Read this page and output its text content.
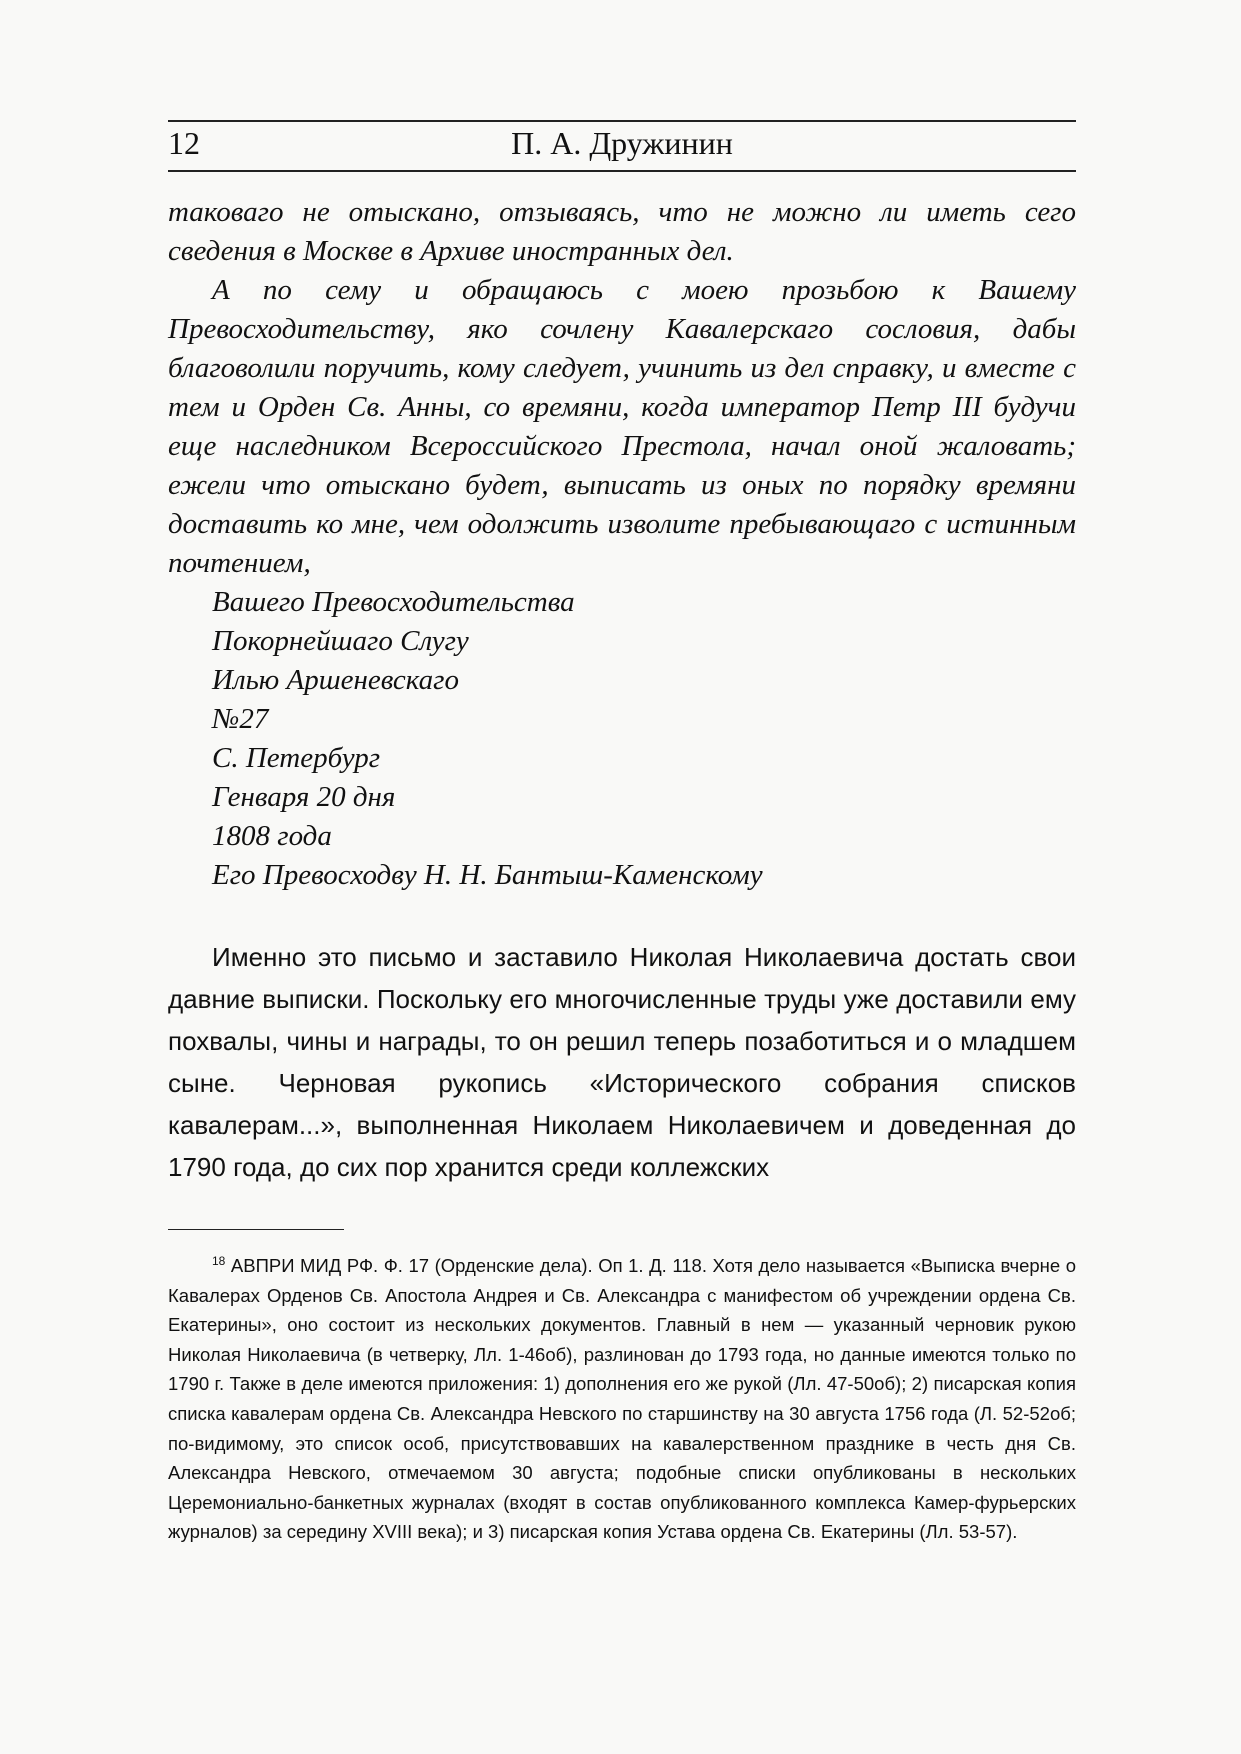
12	П. А. Дружинин

таковаго не отыскано, отзываясь, что не можно ли иметь сего сведения в Москве в Архиве иностранных дел.

А по сему и обращаюсь с моею прозьбою к Вашему Превосходительству, яко сочлену Кавалерскаго сословия, дабы благоволили поручить, кому следует, учинить из дел справку, и вместе с тем и Орден Св. Анны, со времяни, когда император Петр III будучи еще наследником Всероссийского Престола, начал оной жаловать; ежели что отыскано будет, выписать из оных по порядку времяни доставить ко мне, чем одолжить изволите пребывающаго с истинным почтением,

Вашего Превосходительства
Покорнейшаго Слугу
Илью Аршеневскаго
№27
С. Петербург
Генваря 20 дня
1808 года
Его Превосходву Н. Н. Бантыш-Каменскому

Именно это письмо и заставило Николая Николаевича достать свои давние выписки. Поскольку его многочисленные труды уже доставили ему похвалы, чины и награды, то он решил теперь позаботиться и о младшем сыне. Черновая рукопись «Исторического собрания списков кавалерам...», выполненная Николаем Николаевичем и доведенная до 1790 года, до сих пор хранится среди коллежских

$^{18}$ АВПРИ МИД РФ. Ф. 17 (Орденские дела). Оп 1. Д. 118. Хотя дело называется «Выписка вчерне о Кавалерах Орденов Св. Апостола Андрея и Св. Александра с манифестом об учреждении ордена Св. Екатерины», оно состоит из нескольких документов. Главный в нем — указанный черновик рукою Николая Николаевича (в четверку, Лл. 1-46об), разлинован до 1793 года, но данные имеются только по 1790 г. Также в деле имеются приложения: 1) дополнения его же рукой (Лл. 47-50об); 2) писарская копия списка кавалерам ордена Св. Александра Невского по старшинству на 30 августа 1756 года (Л. 52-52об; по-видимому, это список особ, присутствовавших на кавалерственном празднике в честь дня Св. Александра Невского, отмечаемом 30 августа; подобные списки опубликованы в нескольких Церемониально-банкетных журналах (входят в состав опубликованного комплекса Камер-фурьерских журналов) за середину XVIII века); и 3) писарская копия Устава ордена Св. Екатерины (Лл. 53-57).
